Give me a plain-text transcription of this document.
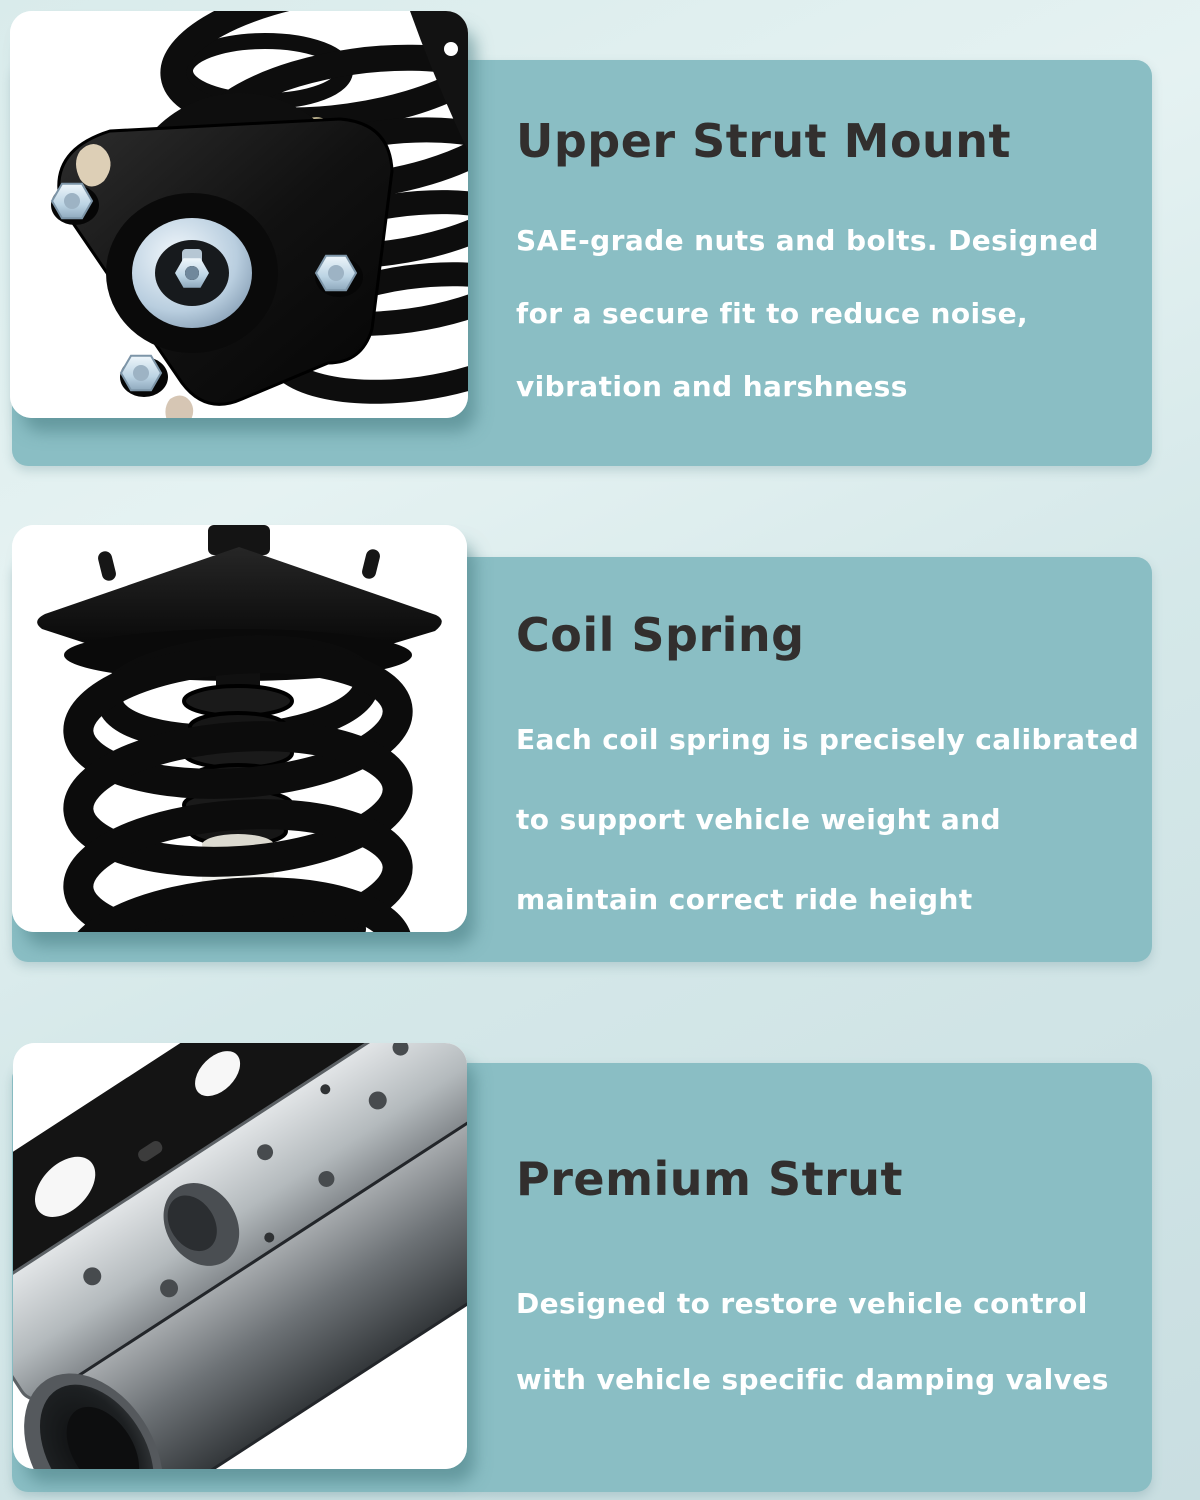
Upper Strut Mount
SAE-grade nuts and bolts. Designed
for a secure fit to reduce noise,
vibration and harshness
Coil Spring
Each coil spring is precisely calibrated
to support vehicle weight and
maintain correct ride height
Premium Strut
Designed to restore vehicle control
with vehicle specific damping valves
